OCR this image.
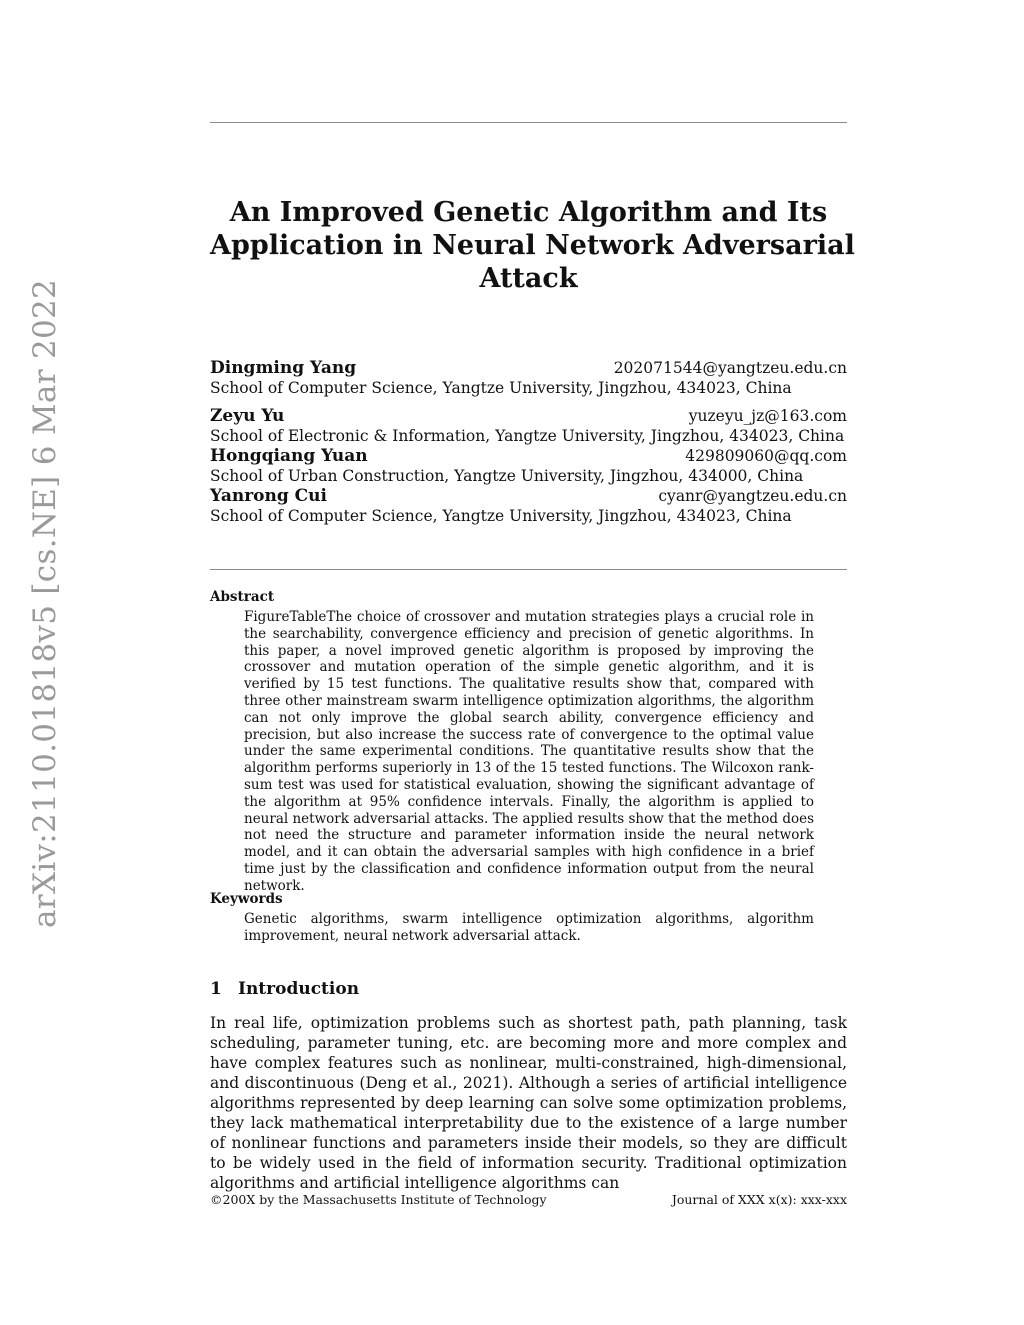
arXiv:2110.01818v5 [cs.NE] 6 Mar 2022
An Improved Genetic Algorithm and Its
Application in Neural Network Adversarial
Attack
Dingming Yang	202071544@yangtzeu.edu.cn
School of Computer Science, Yangtze University, Jingzhou, 434023, China
Zeyu Yu	yuzeyu_jz@163.com
School of Electronic & Information, Yangtze University, Jingzhou, 434023, China
Hongqiang Yuan	429809060@qq.com
School of Urban Construction, Yangtze University, Jingzhou, 434000, China
Yanrong Cui	cyanr@yangtzeu.edu.cn
School of Computer Science, Yangtze University, Jingzhou, 434023, China
Abstract
FigureTableThe choice of crossover and mutation strategies plays a crucial role in the searchability, convergence efficiency and precision of genetic algorithms. In this paper, a novel improved genetic algorithm is proposed by improving the crossover and mutation operation of the simple genetic algorithm, and it is verified by 15 test functions. The qualitative results show that, compared with three other mainstream swarm intelligence optimization algorithms, the algorithm can not only improve the global search ability, convergence efficiency and precision, but also increase the success rate of convergence to the optimal value under the same experimental conditions. The quantitative results show that the algorithm performs superiorly in 13 of the 15 tested functions. The Wilcoxon rank-sum test was used for statistical evaluation, showing the significant advantage of the algorithm at 95% confidence intervals. Finally, the algorithm is applied to neural network adversarial attacks. The applied results show that the method does not need the structure and parameter information inside the neural network model, and it can obtain the adversarial samples with high confidence in a brief time just by the classification and confidence information output from the neural network.
Keywords
Genetic algorithms, swarm intelligence optimization algorithms, algorithm improvement, neural network adversarial attack.
1 Introduction
In real life, optimization problems such as shortest path, path planning, task scheduling, parameter tuning, etc. are becoming more and more complex and have complex features such as nonlinear, multi-constrained, high-dimensional, and discontinuous (Deng et al., 2021). Although a series of artificial intelligence algorithms represented by deep learning can solve some optimization problems, they lack mathematical interpretability due to the existence of a large number of nonlinear functions and parameters inside their models, so they are difficult to be widely used in the field of information security. Traditional optimization algorithms and artificial intelligence algorithms can
©200X by the Massachusetts Institute of Technology	Journal of XXX x(x): xxx-xxx
